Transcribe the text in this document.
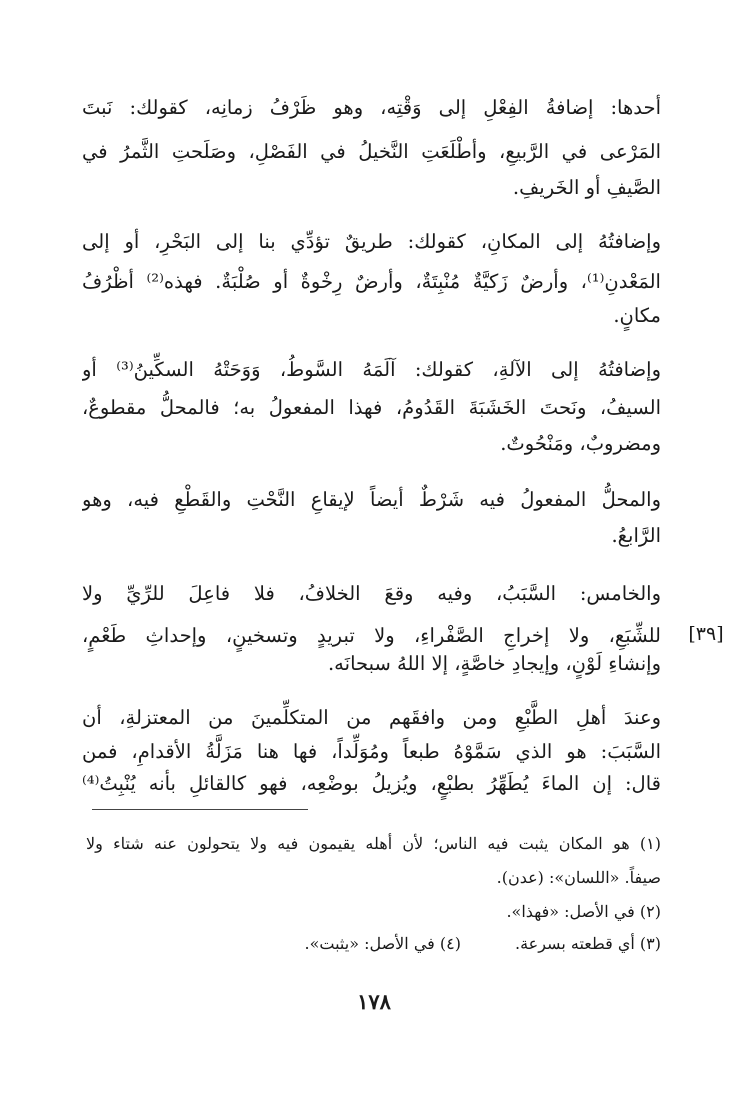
أحدها: إضافةُ الفِعْلِ إلى وَقْتِه، وهو ظَرْفُ زمانِه، كقولك: نَبتَ
المَرْعى في الرَّبيعِ، وأطْلَعَتِ النَّخيلُ في الفَصْلِ، وصَلَحتِ الثَّمرُ في
الصَّيفِ أو الخَريفِ.
وإضافتُهُ إلى المكانِ، كقولك: طريقٌ تؤدِّي بنا إلى البَحْرِ، أو إلى
المَعْدنِ⁽¹⁾، وأرضٌ زَكيَّةٌ مُنْبِتَةٌ، وأرضٌ رِخْوةٌ أو صُلْبَةٌ. فهذه⁽²⁾ أظْرُفُ
مكانٍ.
وإضافتُهُ إلى الآلةِ، كقولك: آلَمَهُ السَّوطُ، وَوَحَتْهُ السكِّينُ⁽³⁾ أو
السيفُ، ونَحتَ الخَشَبَةَ القَدُومُ، فهذا المفعولُ به؛ فالمحلُّ مقطوعٌ،
ومضروبٌ، ومَنْحُوتٌ.
والمحلُّ المفعولُ فيه شَرْطٌ أيضاً لإيقاعِ النَّحْتِ والقَطْعِ فيه، وهو
الرَّابعُ.
والخامس: السَّبَبُ، وفيه وقعَ الخلافُ، فلا فاعِلَ للرِّيِّ ولا
للشِّبَعِ، ولا إخراجِ الصَّفْراءِ، ولا تبريدٍ وتسخينٍ، وإحداثِ طَعْمٍ،
وإنشاءِ لَوْنٍ، وإيجادِ خاصَّةٍ، إلا اللهُ سبحانَه.
[٣٩]
وعندَ أهلِ الطَّبْعِ ومن وافقَهم من المتكلِّمينَ من المعتزلةِ، أن
السَّبَبَ: هو الذي سَمَّوْهُ طبعاً ومُوَلِّداً، فها هنا مَزَلَّةُ الأقدامِ، فمن
قال: إن الماءَ يُطَهِّرُ بطبْعٍ، ويُزيلُ بوضْعِه، فهو كالقائلِ بأنه يُنْبِتُ⁽⁴⁾
(١) هو المكان يثبت فيه الناس؛ لأن أهله يقيمون فيه ولا يتحولون عنه شتاء ولا
صيفاً. «اللسان»: (عدن).
(٢) في الأصل: «فهذا».
(٣) أي قطعته بسرعة.
(٤) في الأصل: «يثبت».
١٧٨
